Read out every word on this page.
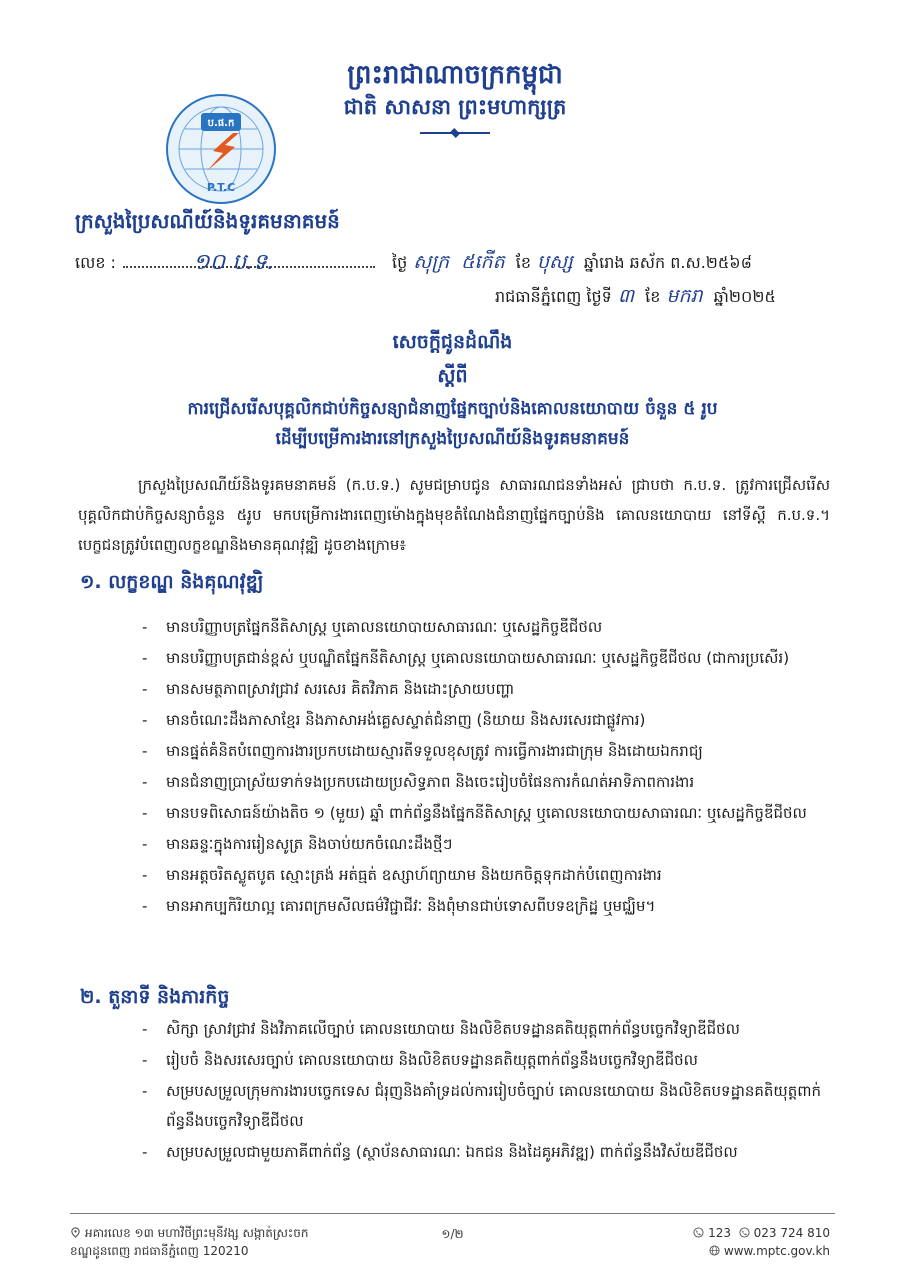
ព្រះរាជាណាចក្រកម្ពុជា
ជាតិ សាសនា ព្រះមហាក្សត្រ
ប.ផ.ក
P.T.C
ក្រសួងប្រៃសណីយ៍និងទូរគមនាគមន៍
លេខ :	១០ ប.ទ.	ថ្ងៃ សុក្រ ៥កើត ខែ បុស្ស ឆ្នាំរោង ឆស័ក ព.ស.២៥៦៨
រាជធានីភ្នំពេញ ថ្ងៃទី ៣ ខែ មករា ឆ្នាំ២០២៥
សេចក្តីជូនដំណឹង
ស្តីពី
ការជ្រើសរើសបុគ្គលិកជាប់កិច្ចសន្យាជំនាញផ្នែកច្បាប់និងគោលនយោបាយ ចំនួន ៥ រូប
ដើម្បីបម្រើការងារនៅក្រសួងប្រៃសណីយ៍និងទូរគមនាគមន៍

ក្រសួងប្រៃសណីយ៍និងទូរគមនាគមន៍ (ក.ប.ទ.) សូមជម្រាបជូន សាធារណជនទាំងអស់ ជ្រាបថា ក.ប.ទ. ត្រូវការជ្រើសរើសបុគ្គលិកជាប់កិច្ចសន្យាចំនួន ៥រូប មកបម្រើការងារពេញម៉ោងក្នុងមុខតំណែងជំនាញផ្នែកច្បាប់និង គោលនយោបាយ នៅទីស្តី ក.ប.ទ.។ បេក្ខជនត្រូវបំពេញលក្ខខណ្ឌនិងមានគុណវុឌ្ឍិ ដូចខាងក្រោម៖

១. លក្ខខណ្ឌ និងគុណវុឌ្ឍិ
- មានបរិញ្ញាបត្រផ្នែកនីតិសាស្ត្រ ឬគោលនយោបាយសាធារណៈ ឬសេដ្ឋកិច្ចឌីជីថល
- មានបរិញ្ញាបត្រជាន់ខ្ពស់ ឬបណ្ឌិតផ្នែកនីតិសាស្ត្រ ឬគោលនយោបាយសាធារណៈ ឬសេដ្ឋកិច្ចឌីជីថល (ជាការប្រសើរ)
- មានសមត្ថភាពស្រាវជ្រាវ សរសេរ គិតវិភាគ និងដោះស្រាយបញ្ហា
- មានចំណេះដឹងភាសាខ្មែរ និងភាសាអង់គ្លេសស្ទាត់ជំនាញ (និយាយ និងសរសេរជាផ្លូវការ)
- មានផ្នត់គំនិតបំពេញការងារប្រកបដោយស្មារតីទទួលខុសត្រូវ ការធ្វើការងារជាក្រុម និងដោយឯករាជ្យ
- មានជំនាញប្រាស្រ័យទាក់ទងប្រកបដោយប្រសិទ្ធភាព និងចេះរៀបចំផែនការកំណត់អាទិភាពការងារ
- មានបទពិសោធន៍យ៉ាងតិច ១ (មួយ) ឆ្នាំ ពាក់ព័ន្ធនឹងផ្នែកនីតិសាស្ត្រ ឬគោលនយោបាយសាធារណៈ ឬសេដ្ឋកិច្ចឌីជីថល
- មានឆន្ទៈក្នុងការរៀនសូត្រ និងចាប់យកចំណេះដឹងថ្មីៗ
- មានអត្តចរិតស្លូតបូត ស្មោះត្រង់ អត់ធ្មត់ ឧស្សាហ៍ព្យាយាម និងយកចិត្តទុកដាក់បំពេញការងារ
- មានអាកប្បកិរិយាល្អ គោរពក្រមសីលធម៌វិជ្ជាជីវៈ និងពុំមានជាប់ទោសពីបទឧក្រិដ្ឋ ឬមជ្ឈិម។
២. តួនាទី និងភារកិច្ច
- សិក្សា ស្រាវជ្រាវ និងវិភាគលើច្បាប់ គោលនយោបាយ និងលិខិតបទដ្ឋានគតិយុត្តពាក់ព័ន្ធបច្ចេកវិទ្យាឌីជីថល
- រៀបចំ និងសរសេរច្បាប់ គោលនយោបាយ និងលិខិតបទដ្ឋានគតិយុត្តពាក់ព័ន្ធនឹងបច្ចេកវិទ្យាឌីជីថល
- សម្របសម្រួលក្រុមការងារបច្ចេកទេស ជំរុញនិងគាំទ្រដល់ការរៀបចំច្បាប់ គោលនយោបាយ និងលិខិតបទដ្ឋានគតិយុត្តពាក់ព័ន្ធនឹងបច្ចេកវិទ្យាឌីជីថល
- សម្របសម្រួលជាមួយភាគីពាក់ព័ន្ធ (ស្ថាប័នសាធារណៈ ឯកជន និងដៃគូអភិវឌ្ឍ) ពាក់ព័ន្ធនឹងវិស័យឌីជីថល
អគារលេខ ១៣ មហាវិថីព្រះមុនីវង្ស សង្កាត់ស្រះចក
ខណ្ឌដូនពេញ រាជធានីភ្នំពេញ 120210
១/២	123 023 724 810
www.mptc.gov.kh
